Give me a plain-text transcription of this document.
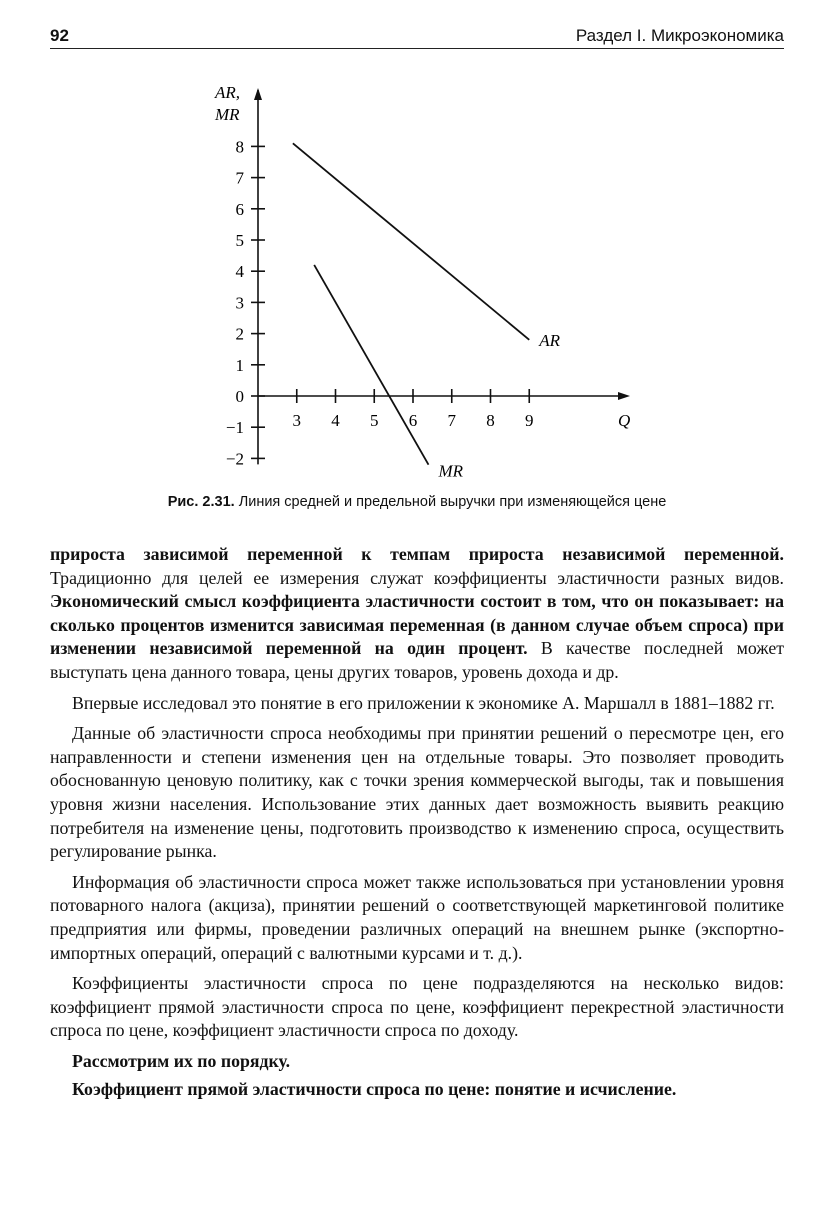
92	Раздел I. Микроэкономика
AR,
MR
Q
8
7
6
5
4
3
2
1
0
−1
−2
3 4 5 6 7 8 9
AR
MR
Рис. 2.31. Линия средней и предельной выручки при изменяющейся цене

прироста зависимой переменной к темпам прироста независимой переменной. Традиционно для целей ее измерения служат коэффициенты эластичности разных видов. Экономический смысл коэффициента эластичности состоит в том, что он показывает: на сколько процентов изменится зависимая переменная (в данном случае объем спроса) при изменении независимой переменной на один процент. В качестве последней может выступать цена данного товара, цены других товаров, уровень дохода и др.

Впервые исследовал это понятие в его приложении к экономике А. Маршалл в 1881–1882 гг.

Данные об эластичности спроса необходимы при принятии решений о пересмотре цен, его направленности и степени изменения цен на отдельные товары. Это позволяет проводить обоснованную ценовую политику, как с точки зрения коммерческой выгоды, так и повышения уровня жизни населения. Использование этих данных дает возможность выявить реакцию потребителя на изменение цены, подготовить производство к изменению спроса, осуществить регулирование рынка.

Информация об эластичности спроса может также использоваться при установлении уровня потоварного налога (акциза), принятии решений о соответствующей маркетинговой политике предприятия или фирмы, проведении различных операций на внешнем рынке (экспортно-импортных операций, операций с валютными курсами и т. д.).

Коэффициенты эластичности спроса по цене подразделяются на несколько видов: коэффициент прямой эластичности спроса по цене, коэффициент перекрестной эластичности спроса по цене, коэффициент эластичности спроса по доходу.

Рассмотрим их по порядку.

Коэффициент прямой эластичности спроса по цене: понятие и исчисление.
